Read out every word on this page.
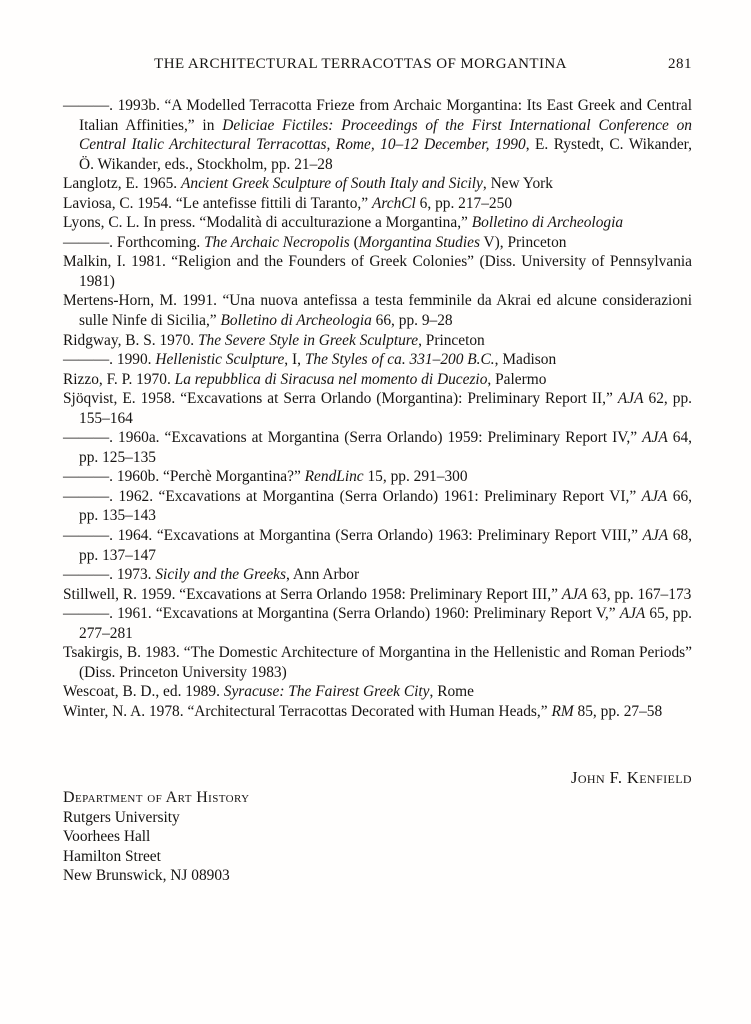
THE ARCHITECTURAL TERRACOTTAS OF MORGANTINA	281

———. 1993b. “A Modelled Terracotta Frieze from Archaic Morgantina: Its East Greek and Central Italian Affinities,” in Deliciae Fictiles: Proceedings of the First International Conference on Central Italic Architectural Terracottas, Rome, 10–12 December, 1990, E. Rystedt, C. Wikander, Ö. Wikander, eds., Stockholm, pp. 21–28

Langlotz, E. 1965. Ancient Greek Sculpture of South Italy and Sicily, New York

Laviosa, C. 1954. “Le antefisse fittili di Taranto,” ArchCl 6, pp. 217–250

Lyons, C. L. In press. “Modalità di acculturazione a Morgantina,” Bolletino di Archeologia

———. Forthcoming. The Archaic Necropolis (Morgantina Studies V), Princeton

Malkin, I. 1981. “Religion and the Founders of Greek Colonies” (Diss. University of Pennsylvania 1981)

Mertens-Horn, M. 1991. “Una nuova antefissa a testa femminile da Akrai ed alcune considerazioni sulle Ninfe di Sicilia,” Bolletino di Archeologia 66, pp. 9–28

Ridgway, B. S. 1970. The Severe Style in Greek Sculpture, Princeton

———. 1990. Hellenistic Sculpture, I, The Styles of ca. 331–200 B.C., Madison

Rizzo, F. P. 1970. La repubblica di Siracusa nel momento di Ducezio, Palermo

Sjöqvist, E. 1958. “Excavations at Serra Orlando (Morgantina): Preliminary Report II,” AJA 62, pp. 155–164

———. 1960a. “Excavations at Morgantina (Serra Orlando) 1959: Preliminary Report IV,” AJA 64, pp. 125–135

———. 1960b. “Perchè Morgantina?” RendLinc 15, pp. 291–300

———. 1962. “Excavations at Morgantina (Serra Orlando) 1961: Preliminary Report VI,” AJA 66, pp. 135–143

———. 1964. “Excavations at Morgantina (Serra Orlando) 1963: Preliminary Report VIII,” AJA 68, pp. 137–147

———. 1973. Sicily and the Greeks, Ann Arbor

Stillwell, R. 1959. “Excavations at Serra Orlando 1958: Preliminary Report III,” AJA 63, pp. 167–173

———. 1961. “Excavations at Morgantina (Serra Orlando) 1960: Preliminary Report V,” AJA 65, pp. 277–281

Tsakirgis, B. 1983. “The Domestic Architecture of Morgantina in the Hellenistic and Roman Periods” (Diss. Princeton University 1983)

Wescoat, B. D., ed. 1989. Syracuse: The Fairest Greek City, Rome

Winter, N. A. 1978. “Architectural Terracottas Decorated with Human Heads,” RM 85, pp. 27–58

John F. Kenfield
Department of Art History
Rutgers University
Voorhees Hall
Hamilton Street
New Brunswick, NJ 08903
